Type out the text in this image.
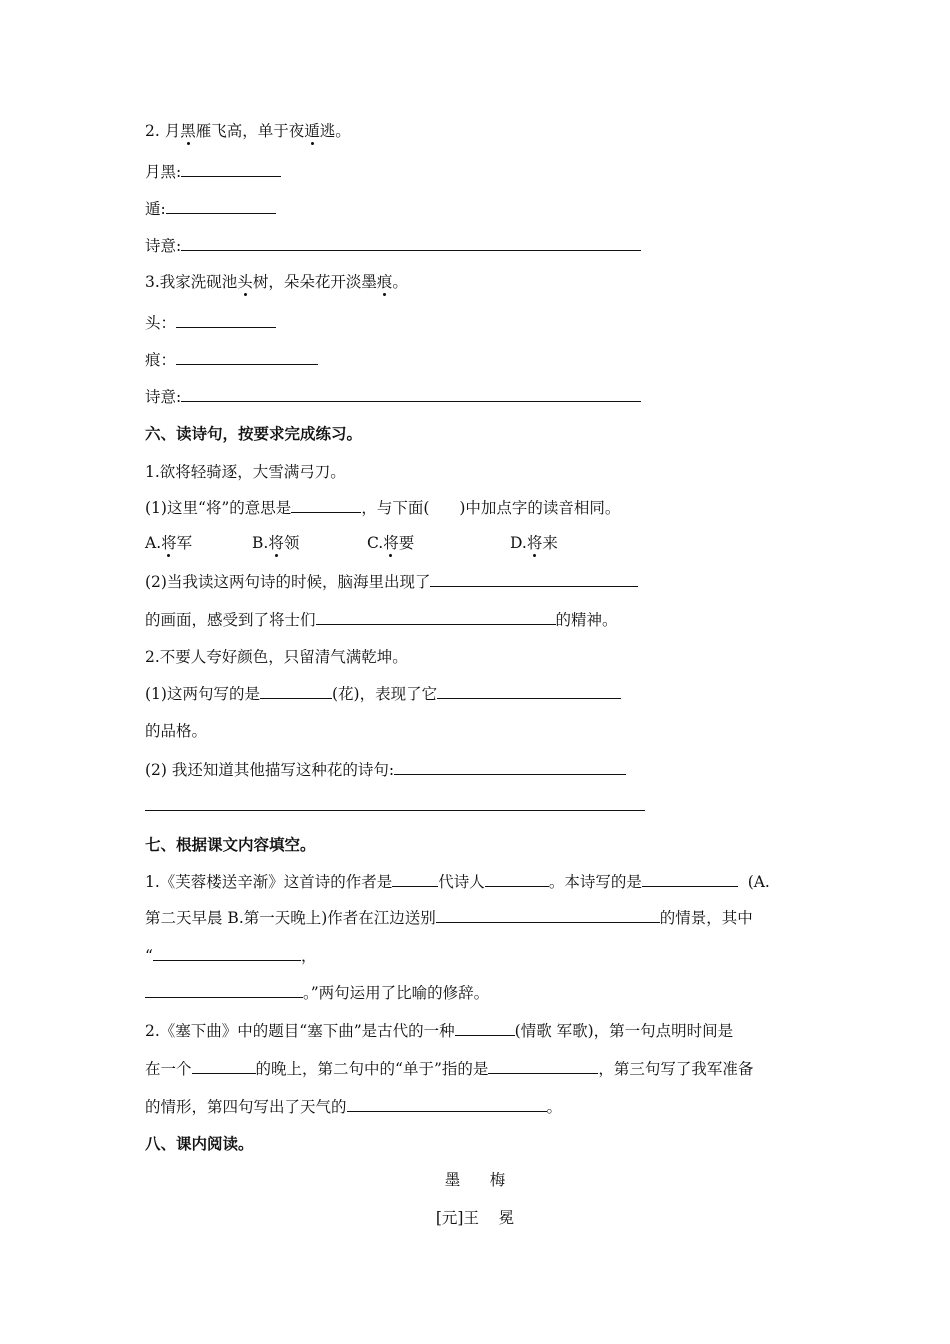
2. 月黑雁飞高，单于夜遁逃。
月黑:
遁:
诗意:
3.我家洗砚池头树，朵朵花开淡墨痕。
头：
痕：
诗意:
六、读诗句，按要求完成练习。
1.欲将轻骑逐，大雪满弓刀。
(1)这里“将”的意思是	，与下面( )中加点字的读音相同。
A.将军	B.将领	C.将要	D.将来
(2)当我读这两句诗的时候，脑海里出现了
的画面，感受到了将士们	的精神。
2.不要人夸好颜色，只留清气满乾坤。
(1)这两句写的是	(花)，表现了它
的品格。
(2) 我还知道其他描写这种花的诗句:
七、根据课文内容填空。
1.《芙蓉楼送辛渐》这首诗的作者是	代诗人	。本诗写的是	(A.
第二天早晨 B.第一天晚上)作者在江边送别	的情景，其中
“	，
。”两句运用了比喻的修辞。
2.《塞下曲》中的题目“塞下曲”是古代的一种	(情歌 军歌)，第一句点明时间是
在一个	的晚上，第二句中的“单于”指的是	，第三句写了我军准备
的情形，第四句写出了天气的	。
八、课内阅读。
墨      梅
[元]王    冕
